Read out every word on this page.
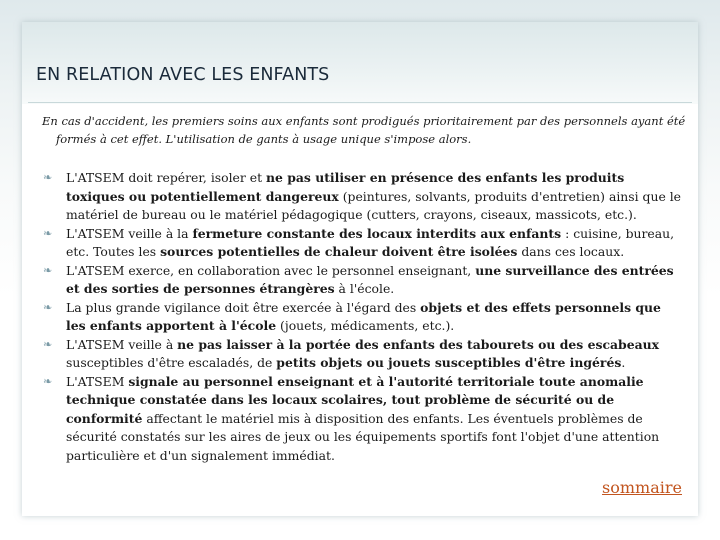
EN RELATION AVEC LES ENFANTS

En cas d'accident, les premiers soins aux enfants sont prodigués prioritairement par des personnels ayant été formés à cet effet. L'utilisation de gants à usage unique s'impose alors.

❧ L'ATSEM doit repérer, isoler et ne pas utiliser en présence des enfants les produits toxiques ou potentiellement dangereux (peintures, solvants, produits d'entretien) ainsi que le matériel de bureau ou le matériel pédagogique (cutters, crayons, ciseaux, massicots, etc.).
❧ L'ATSEM veille à la fermeture constante des locaux interdits aux enfants : cuisine, bureau, etc. Toutes les sources potentielles de chaleur doivent être isolées dans ces locaux.
❧ L'ATSEM exerce, en collaboration avec le personnel enseignant, une surveillance des entrées et des sorties de personnes étrangères à l'école.
❧ La plus grande vigilance doit être exercée à l'égard des objets et des effets personnels que les enfants apportent à l'école (jouets, médicaments, etc.).
❧ L'ATSEM veille à ne pas laisser à la portée des enfants des tabourets ou des escabeaux susceptibles d'être escaladés, de petits objets ou jouets susceptibles d'être ingérés.
❧ L'ATSEM signale au personnel enseignant et à l'autorité territoriale toute anomalie technique constatée dans les locaux scolaires, tout problème de sécurité ou de conformité affectant le matériel mis à disposition des enfants. Les éventuels problèmes de sécurité constatés sur les aires de jeux ou les équipements sportifs font l'objet d'une attention particulière et d'un signalement immédiat.
sommaire
